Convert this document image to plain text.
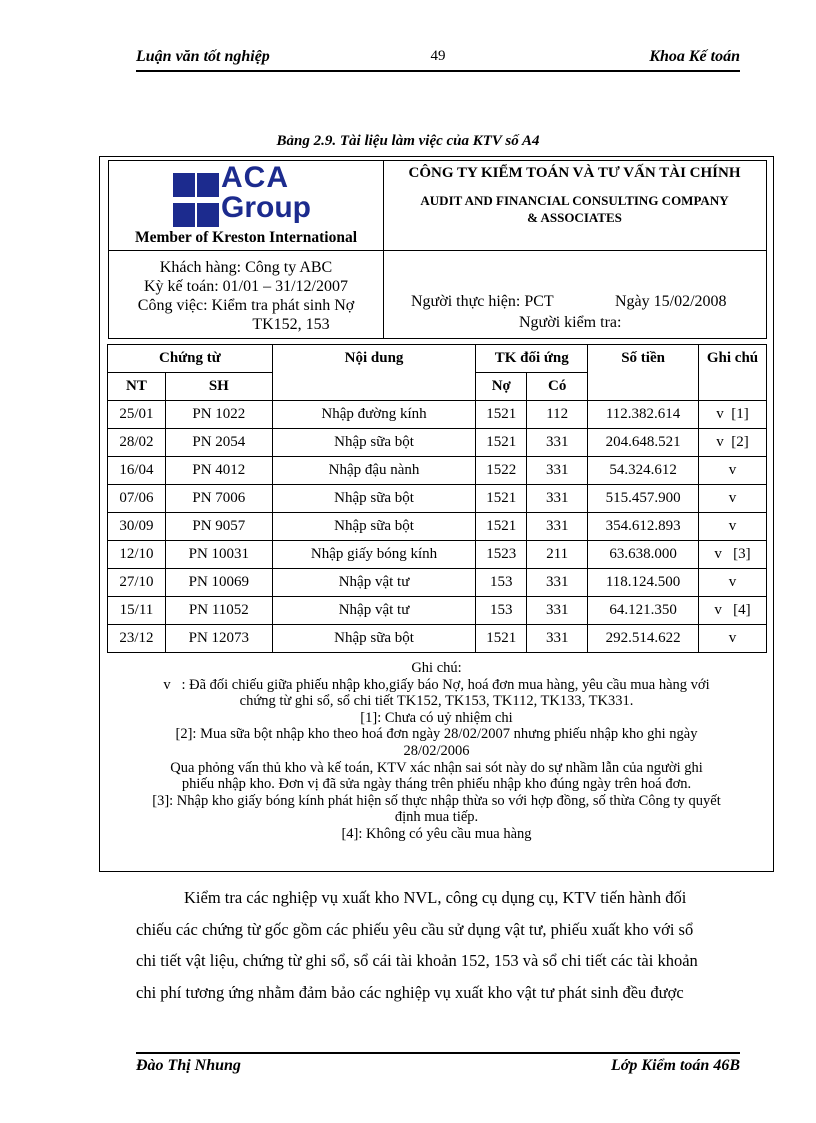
Luận văn tốt nghiệp	49	Khoa Kế toán
Bảng 2.9. Tài liệu làm việc của KTV số A4
ACA
Group
Member of Kreston International
CÔNG TY KIỂM TOÁN VÀ TƯ VẤN TÀI CHÍNH
AUDIT AND FINANCIAL CONSULTING COMPANY
& ASSOCIATES
Khách hàng: Công ty ABC
Kỳ kế toán: 01/01 – 31/12/2007
Công việc: Kiểm tra phát sinh Nợ
TK152, 153
Người thực hiện: PCT	Ngày 15/02/2008
Người kiểm tra:
Chứng từ		Nội dung	TK đối ứng		Số tiền	Ghi chú
NT	SH		Nợ	Có		
25/01	PN 1022	Nhập đường kính	1521	112	112.382.614	v  [1]
28/02	PN 2054	Nhập sữa bột	1521	331	204.648.521	v  [2]
16/04	PN 4012	Nhập đậu nành	1522	331	54.324.612	v
07/06	PN 7006	Nhập sữa bột	1521	331	515.457.900	v
30/09	PN 9057	Nhập sữa bột	1521	331	354.612.893	v
12/10	PN 10031	Nhập giấy bóng kính	1523	211	63.638.000	v   [3]
27/10	PN 10069	Nhập vật tư	153	331	118.124.500	v
15/11	PN 11052	Nhập vật tư	153	331	64.121.350	v   [4]
23/12	PN 12073	Nhập sữa bột	1521	331	292.514.622	v
Ghi chú:
v   : Đã đối chiếu giữa phiếu nhập kho,giấy báo Nợ, hoá đơn mua hàng, yêu cầu mua hàng với
chứng từ ghi sổ, sổ chi tiết TK152, TK153, TK112, TK133, TK331.
[1]: Chưa có uỷ nhiệm chi
[2]: Mua sữa bột nhập kho theo hoá đơn ngày 28/02/2007 nhưng phiếu nhập kho ghi ngày
28/02/2006
Qua phỏng vấn thủ kho và kế toán, KTV xác nhận sai sót này do sự nhầm lẫn của người ghi
phiếu nhập kho. Đơn vị đã sửa ngày tháng trên phiếu nhập kho đúng ngày trên hoá đơn.
[3]: Nhập kho giấy bóng kính phát hiện số thực nhập thừa so với hợp đồng, số thừa Công ty quyết
định mua tiếp.
[4]: Không có yêu cầu mua hàng

Kiểm tra các nghiệp vụ xuất kho NVL, công cụ dụng cụ, KTV tiến hành đối

chiếu các chứng từ gốc gồm các phiếu yêu cầu sử dụng vật tư, phiếu xuất kho với sổ

chi tiết vật liệu, chứng từ ghi sổ, sổ cái tài khoản 152, 153 và sổ chi tiết các tài khoản

chi phí tương ứng nhằm đảm bảo các nghiệp vụ xuất kho vật tư phát sinh đều được

Đào Thị Nhung	Lớp Kiểm toán 46B
